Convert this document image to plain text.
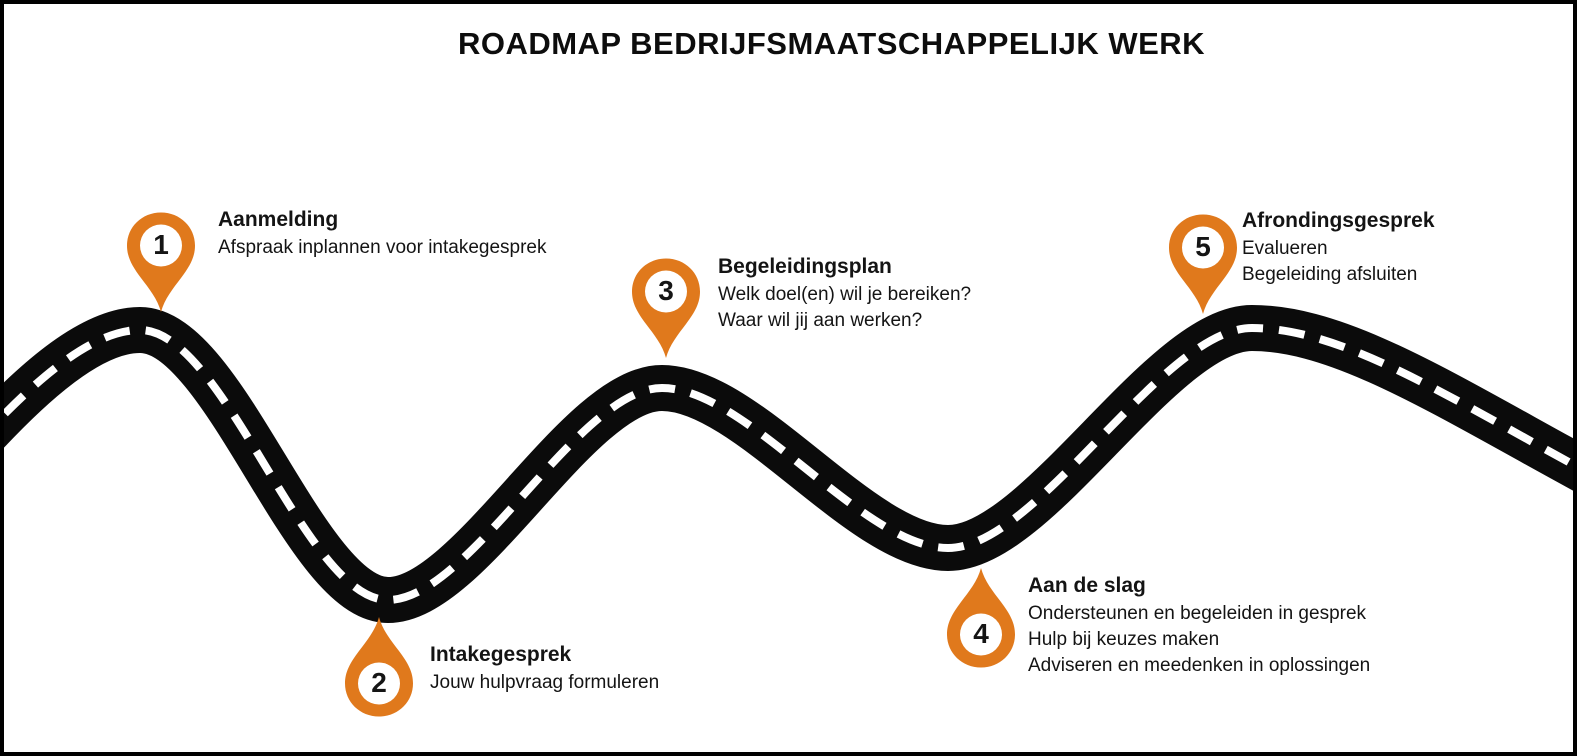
ROADMAP BEDRIJFSMAATSCHAPPELIJK WERK
1
2
3
4
5
Aanmelding
Afspraak inplannen voor intakegesprek
Intakegesprek
Jouw hulpvraag formuleren
Begeleidingsplan
Welk doel(en) wil je bereiken?
Waar wil jij aan werken?
Aan de slag
Ondersteunen en begeleiden in gesprek
Hulp bij keuzes maken
Adviseren en meedenken in oplossingen
Afrondingsgesprek
Evalueren
Begeleiding afsluiten
